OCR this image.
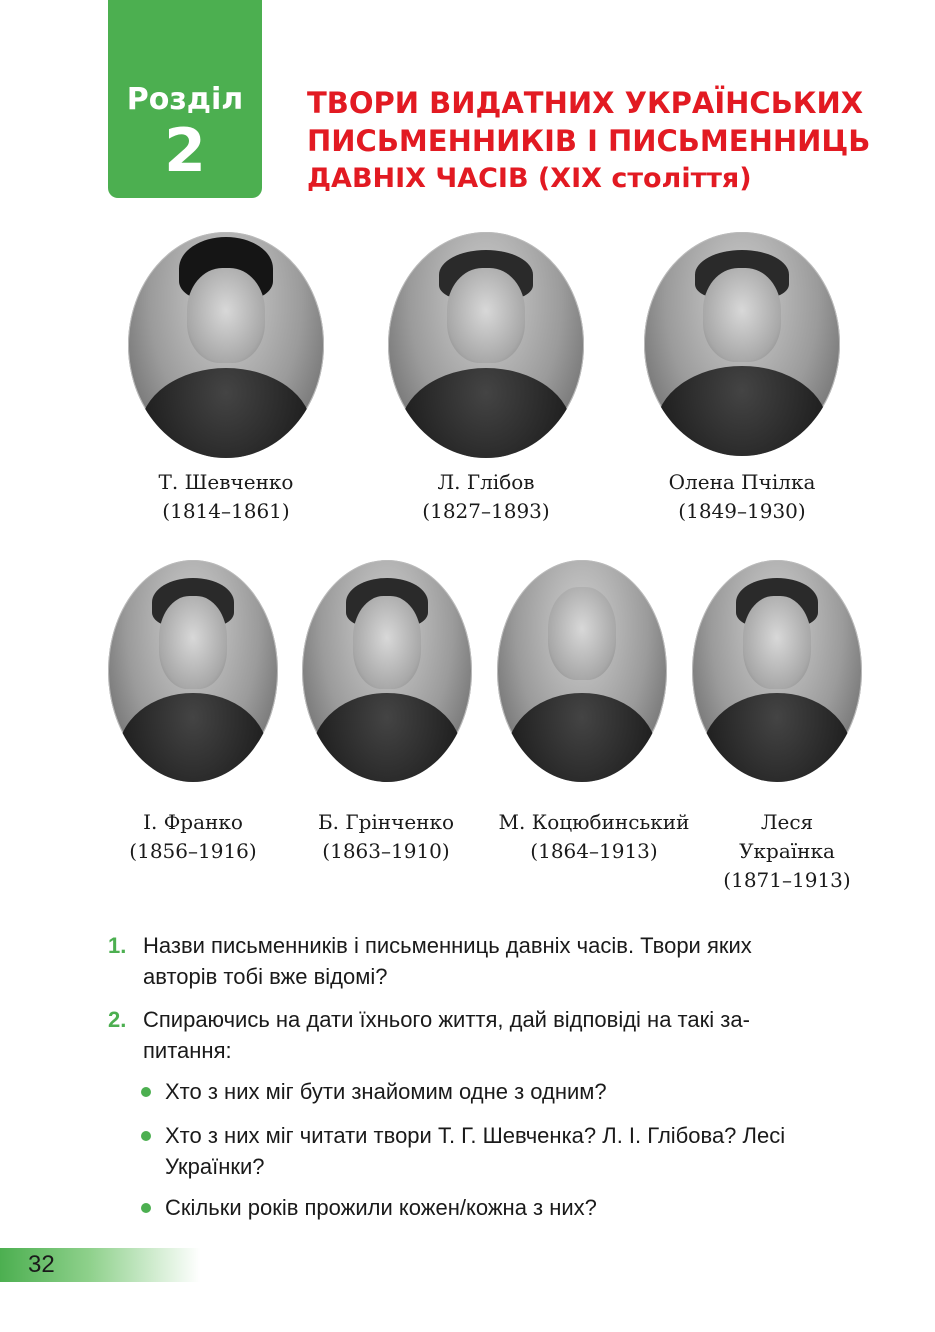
Розділ
2
ТВОРИ ВИДАТНИХ УКРАЇНСЬКИХ
ПИСЬМЕННИКІВ І ПИСЬМЕННИЦЬ
ДАВНІХ ЧАСІВ (XIX століття)
Т. Шевченко
(1814–1861)
Л. Глібов
(1827–1893)
Олена Пчілка
(1849–1930)
І. Франко
(1856–1916)
Б. Грінченко
(1863–1910)
М. Коцюбинський
(1864–1913)
Леся
Українка
(1871–1913)
1. Назви письменників і письменниць давніх часів. Твори яких
авторів тобі вже відомі?
2. Спираючись на дати їхнього життя, дай відповіді на такі за-
питання:
Хто з них міг бути знайомим одне з одним?
Хто з них міг читати твори Т. Г. Шевченка? Л. І. Глібова? Лесі
Українки?
Скільки років прожили кожен/кожна з них?
32
